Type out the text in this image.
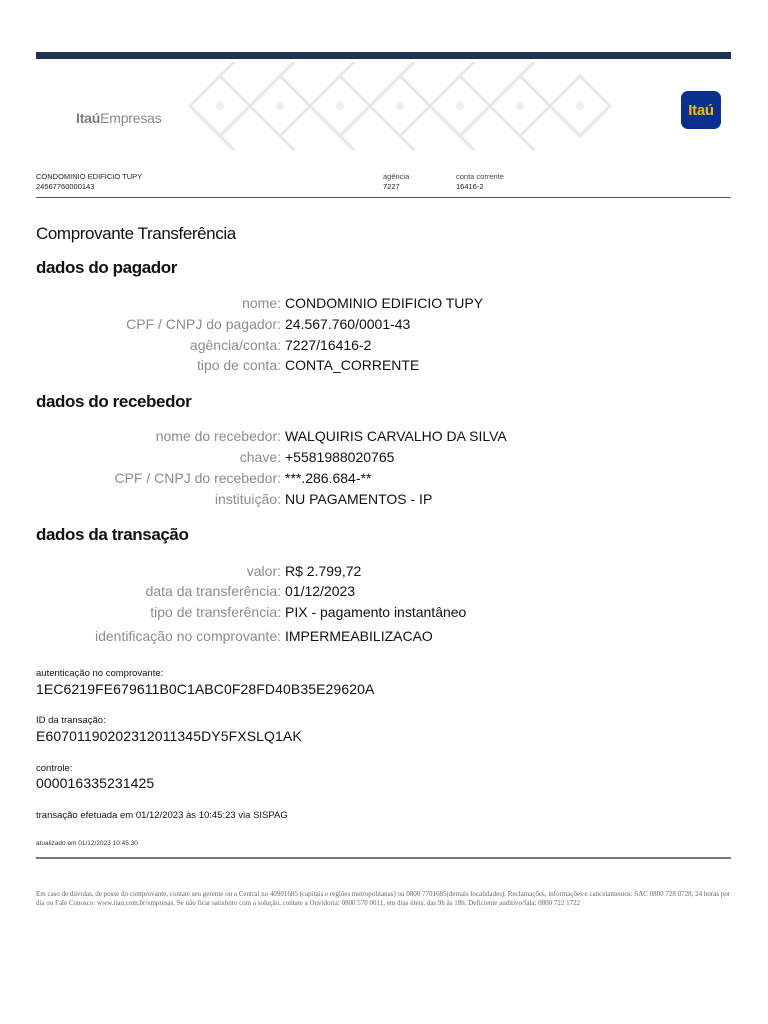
ItaúEmpresas	Itaú
CONDOMINIO EDIFICIO TUPY
24567760000143
agência
7227
conta corrente
16416-2
Comprovante Transferência
dados do pagador
nome: CONDOMINIO EDIFICIO TUPY
CPF / CNPJ do pagador: 24.567.760/0001-43
agência/conta: 7227/16416-2
tipo de conta: CONTA_CORRENTE
dados do recebedor
nome do recebedor: WALQUIRIS CARVALHO DA SILVA
chave: +5581988020765
CPF / CNPJ do recebedor: ***.286.684-**
instituição: NU PAGAMENTOS - IP
dados da transação
valor: R$ 2.799,72
data da transferência: 01/12/2023
tipo de transferência: PIX - pagamento instantâneo
identificação no comprovante: IMPERMEABILIZACAO
autenticação no comprovante:
1EC6219FE679611B0C1ABC0F28FD40B35E29620A
ID da transação:
E60701190202312011345DY5FXSLQ1AK
controle:
000016335231425
transação efetuada em 01/12/2023 às 10:45:23 via SISPAG
atualizado em 01/12/2023 10:45:30
Em caso de dúvidas, de posse do comprovante, contate seu gerente ou a Central no 40901685 (capitais e regiões metropolitanas) ou 0800 7701685(demais localidades). Reclamações, informações e cancelamentos: SAC 0800 728 0728, 24 horas por dia ou Fale Conosco: www.itau.com.br/empresas. Se não ficar satisfeito com a solução, contate a Ouvidoria: 0800 570 0011, em dias úteis, das 9h às 18h. Deficiente auditivo/fala: 0800 722 1722
